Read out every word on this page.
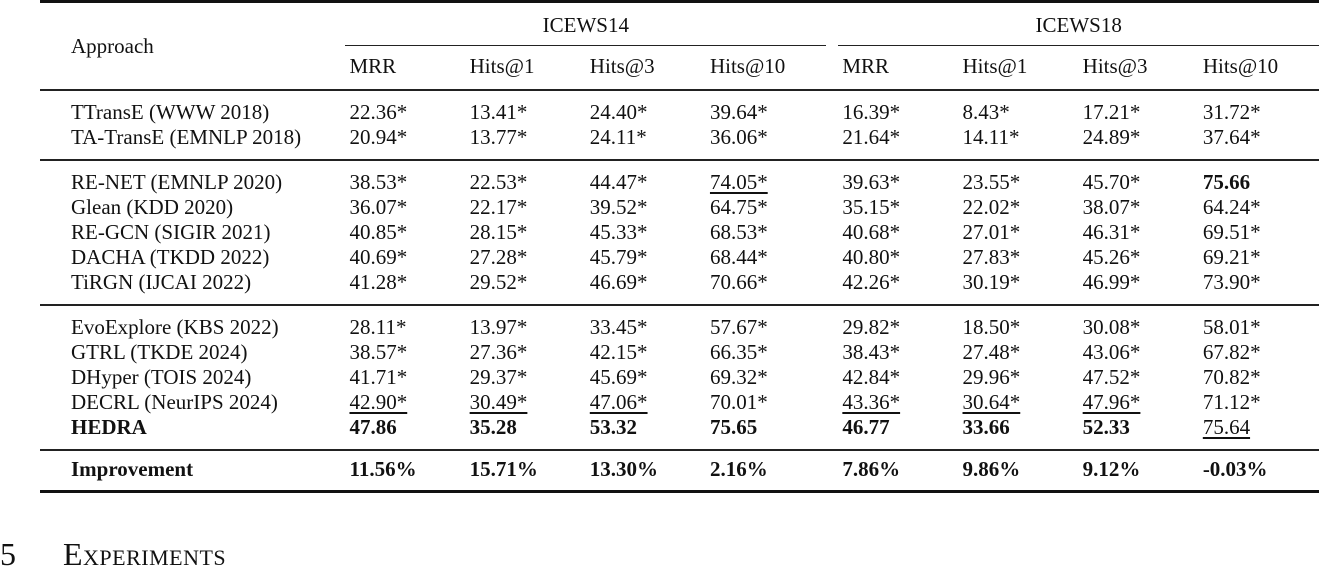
Approach	ICEWS14					ICEWS18			
	MRR	Hits@1	Hits@3	Hits@10		MRR	Hits@1	Hits@3	Hits@10
TTransE (WWW 2018)	22.36*	13.41*	24.40*	39.64*		16.39*	8.43*	17.21*	31.72*
TA-TransE (EMNLP 2018)	20.94*	13.77*	24.11*	36.06*		21.64*	14.11*	24.89*	37.64*
RE-NET (EMNLP 2020)	38.53*	22.53*	44.47*	74.05*		39.63*	23.55*	45.70*	75.66
Glean (KDD 2020)	36.07*	22.17*	39.52*	64.75*		35.15*	22.02*	38.07*	64.24*
RE-GCN (SIGIR 2021)	40.85*	28.15*	45.33*	68.53*		40.68*	27.01*	46.31*	69.51*
DACHA (TKDD 2022)	40.69*	27.28*	45.79*	68.44*		40.80*	27.83*	45.26*	69.21*
TiRGN (IJCAI 2022)	41.28*	29.52*	46.69*	70.66*		42.26*	30.19*	46.99*	73.90*
EvoExplore (KBS 2022)	28.11*	13.97*	33.45*	57.67*		29.82*	18.50*	30.08*	58.01*
GTRL (TKDE 2024)	38.57*	27.36*	42.15*	66.35*		38.43*	27.48*	43.06*	67.82*
DHyper (TOIS 2024)	41.71*	29.37*	45.69*	69.32*		42.84*	29.96*	47.52*	70.82*
DECRL (NeurIPS 2024)	42.90*	30.49*	47.06*	70.01*		43.36*	30.64*	47.96*	71.12*
HEDRA	47.86	35.28	53.32	75.65		46.77	33.66	52.33	75.64
Improvement	11.56%	15.71%	13.30%	2.16%		7.86%	9.86%	9.12%	-0.03%
5 Experiments
